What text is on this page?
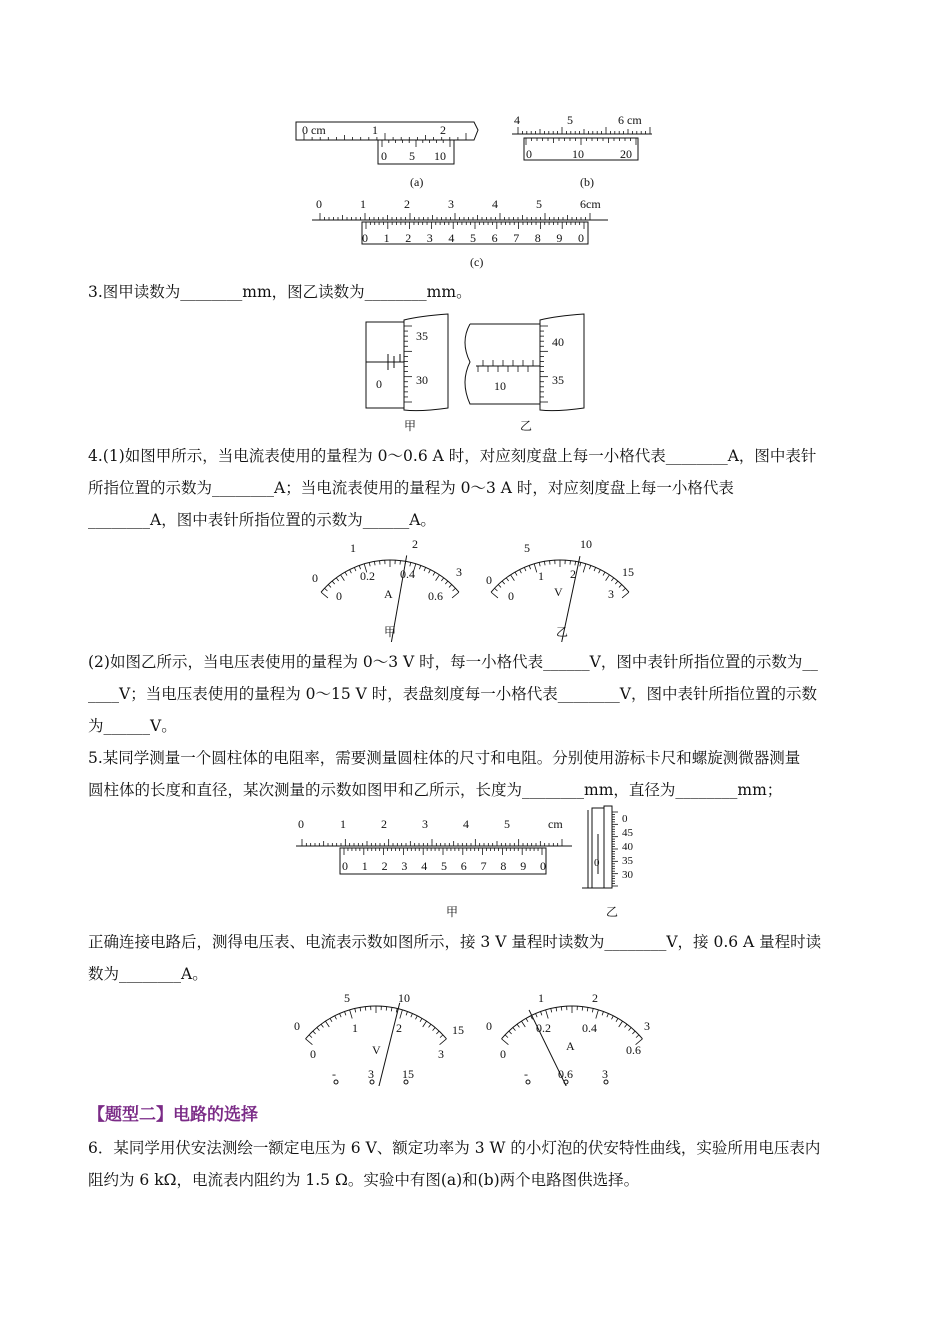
0 cm	1	2
0 5 10
(a)
4	5	6 cm
0	10	20
(b)
0	1	2	3	4	5	6cm
0 1 2 3 4 5 6 7 8 9 0
(c)
3.图甲读数为________mm，图乙读数为________mm。
0
35
30
甲
10
40
35
乙
4.(1)如图甲所示，当电流表使用的量程为 0～0.6 A 时，对应刻度盘上每一小格代表________A，图中表针
所指位置的示数为________A；当电流表使用的量程为 0～3 A 时，对应刻度盘上每一小格代表
________A，图中表针所指位置的示数为______A。
0
1	2
3
0
0.2 0.4
0.6
A
甲
0
5	10
15
0
1 2
3
V
乙
(2)如图乙所示，当电压表使用的量程为 0～3 V 时，每一小格代表______V，图中表针所指位置的示数为__
____V；当电压表使用的量程为 0～15 V 时，表盘刻度每一小格代表________V，图中表针所指位置的示数
为______V。
5.某同学测量一个圆柱体的电阻率，需要测量圆柱体的尺寸和电阻。分别使用游标卡尺和螺旋测微器测量
圆柱体的长度和直径，某次测量的示数如图甲和乙所示，长度为________mm，直径为________mm；
0	1	2	3	4	5	cm
0 1 2 3 4 5 6 7 8 9 0
甲
0
0
45
40
35
30
乙
正确连接电路后，测得电压表、电流表示数如图所示，接 3 V 量程时读数为________V，接 0.6 A 量程时读
数为________A。
0
5	10
15
0
1	2
3
V
-	3 15
0
1	2
3
0
0.2	0.4
0.6
A
-	0.6 3
【题型二】电路的选择
6．某同学用伏安法测绘一额定电压为 6 V、额定功率为 3 W 的小灯泡的伏安特性曲线，实验所用电压表内
阻约为 6 kΩ，电流表内阻约为 1.5 Ω。实验中有图(a)和(b)两个电路图供选择。
